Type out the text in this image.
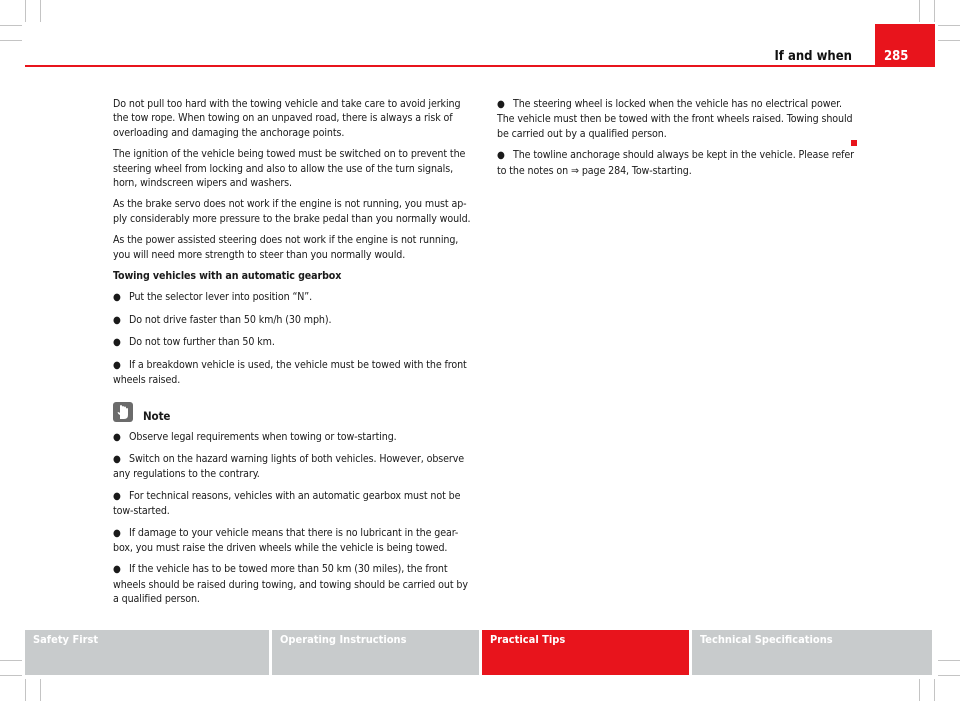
If and when	285

Do not pull too hard with the towing vehicle and take care to avoid jerking the tow rope. When towing on an unpaved road, there is always a risk of overloading and damaging the anchorage points.

The ignition of the vehicle being towed must be switched on to prevent the steering wheel from locking and also to allow the use of the turn signals, horn, windscreen wipers and washers.

As the brake servo does not work if the engine is not running, you must ap-ply considerably more pressure to the brake pedal than you normally would.

As the power assisted steering does not work if the engine is not running, you will need more strength to steer than you normally would.

Towing vehicles with an automatic gearbox

● Put the selector lever into position “N”.

● Do not drive faster than 50 km/h (30 mph).

● Do not tow further than 50 km.

● If a breakdown vehicle is used, the vehicle must be towed with the front wheels raised.

Note

● Observe legal requirements when towing or tow-starting.

● Switch on the hazard warning lights of both vehicles. However, observe any regulations to the contrary.

● For technical reasons, vehicles with an automatic gearbox must not be tow-started.

● If damage to your vehicle means that there is no lubricant in the gear-box, you must raise the driven wheels while the vehicle is being towed.

● If the vehicle has to be towed more than 50 km (30 miles), the front wheels should be raised during towing, and towing should be carried out by a qualified person.

● The steering wheel is locked when the vehicle has no electrical power. The vehicle must then be towed with the front wheels raised. Towing should be carried out by a qualified person.

● The towline anchorage should always be kept in the vehicle. Please refer to the notes on ⇒ page 284, Tow-starting.

Safety First	Operating Instructions	Practical Tips	Technical Specifications
